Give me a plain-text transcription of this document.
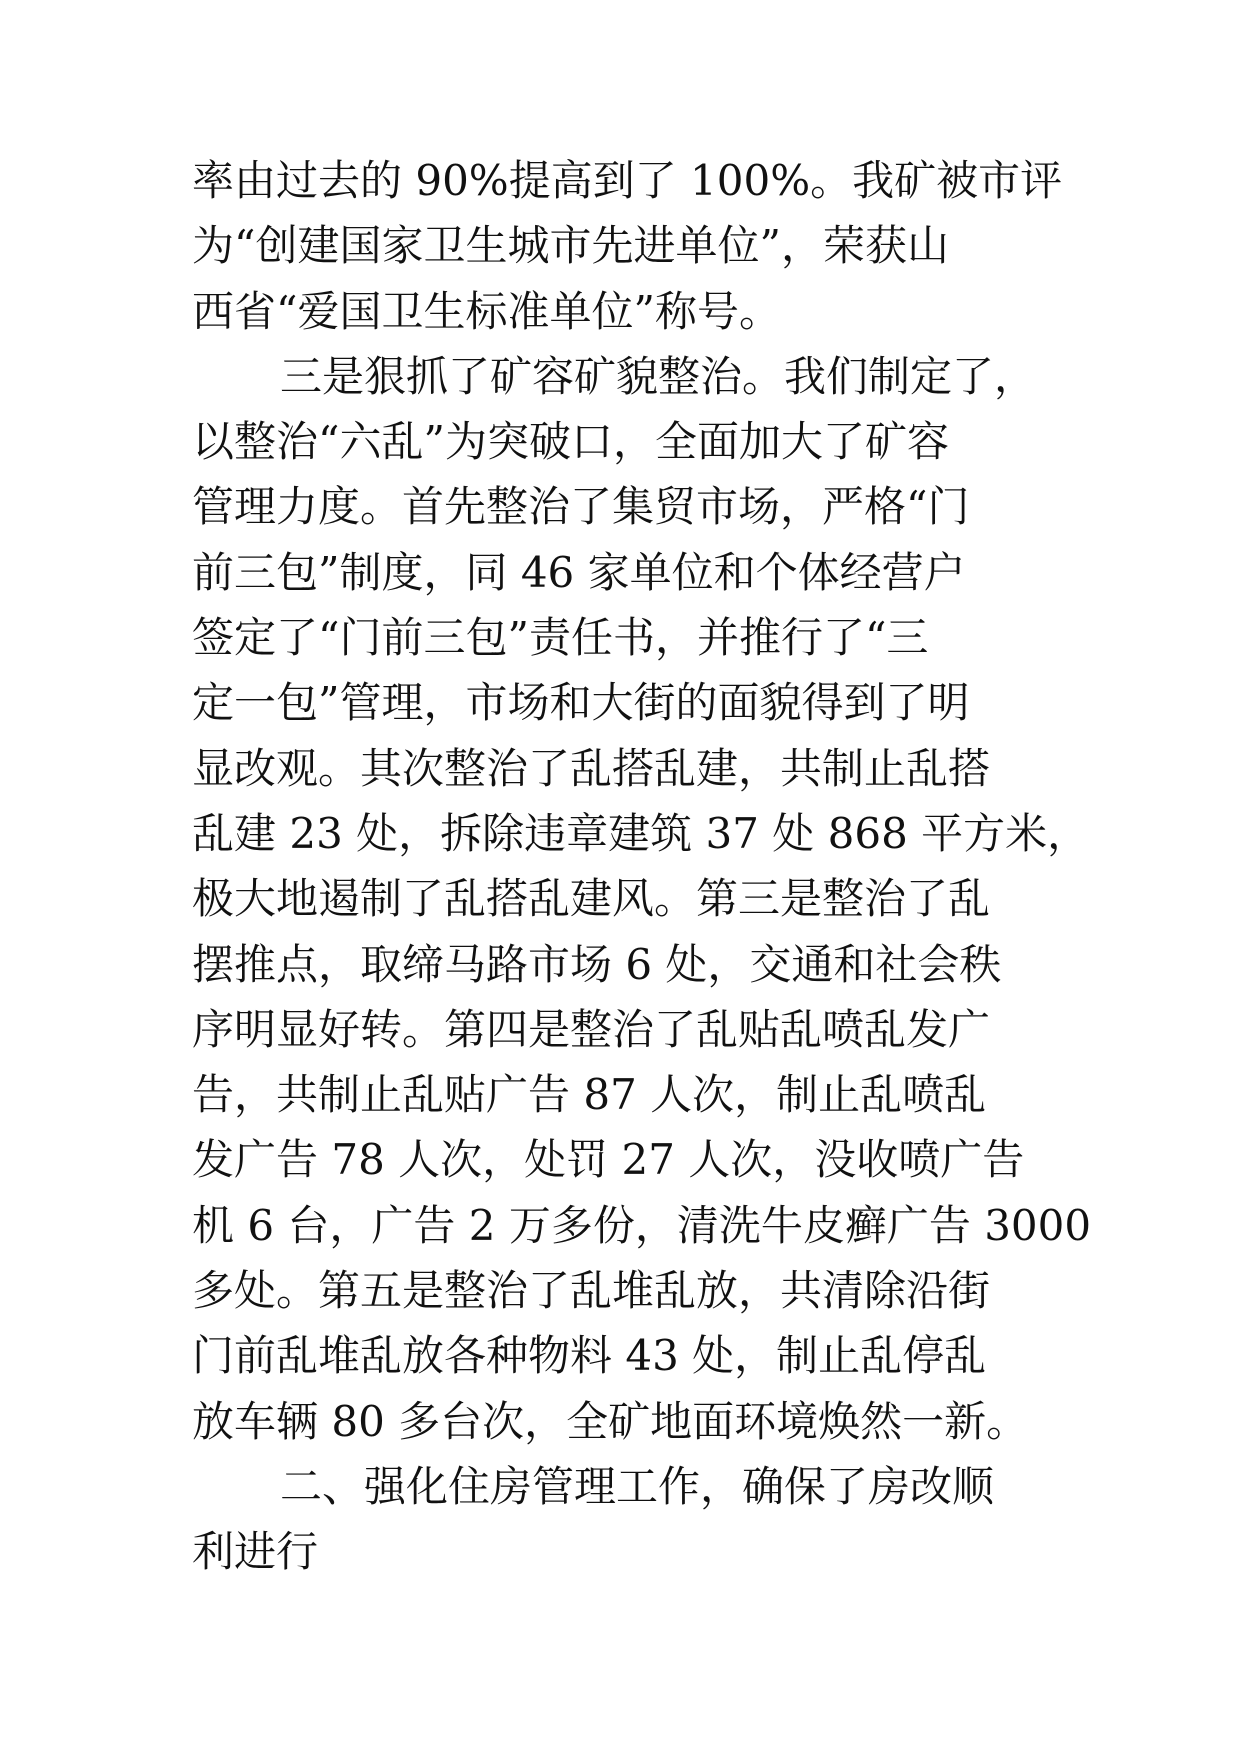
率由过去的 90%提高到了 100%。我矿被市评
为“创建国家卫生城市先进单位”，荣获山
西省“爱国卫生标准单位”称号。
三是狠抓了矿容矿貌整治。我们制定了，
以整治“六乱”为突破口，全面加大了矿容
管理力度。首先整治了集贸市场，严格“门
前三包”制度，同 46 家单位和个体经营户
签定了“门前三包”责任书，并推行了“三
定一包”管理，市场和大街的面貌得到了明
显改观。其次整治了乱搭乱建，共制止乱搭
乱建 23 处，拆除违章建筑 37 处 868 平方米，
极大地遏制了乱搭乱建风。第三是整治了乱
摆推点，取缔马路市场 6 处，交通和社会秩
序明显好转。第四是整治了乱贴乱喷乱发广
告，共制止乱贴广告 87 人次，制止乱喷乱
发广告 78 人次，处罚 27 人次，没收喷广告
机 6 台，广告 2 万多份，清洗牛皮癣广告 3000
多处。第五是整治了乱堆乱放，共清除沿街
门前乱堆乱放各种物料 43 处，制止乱停乱
放车辆 80 多台次，全矿地面环境焕然一新。
二、强化住房管理工作，确保了房改顺
利进行
